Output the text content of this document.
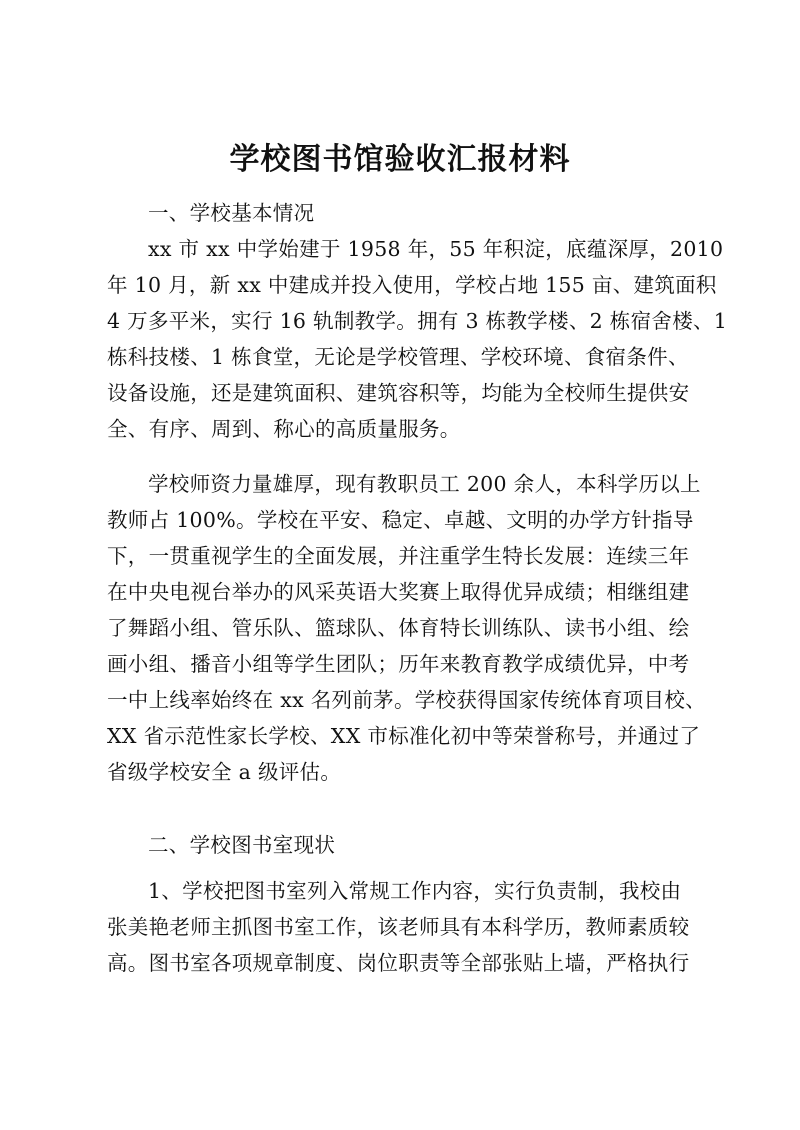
学校图书馆验收汇报材料
一、学校基本情况
xx 市 xx 中学始建于 1958 年，55 年积淀，底蕴深厚，2010
年 10 月，新 xx 中建成并投入使用，学校占地 155 亩、建筑面积
4 万多平米，实行 16 轨制教学。拥有 3 栋教学楼、2 栋宿舍楼、1
栋科技楼、1 栋食堂，无论是学校管理、学校环境、食宿条件、
设备设施，还是建筑面积、建筑容积等，均能为全校师生提供安
全、有序、周到、称心的高质量服务。
学校师资力量雄厚，现有教职员工 200 余人，本科学历以上
教师占 100%。学校在平安、稳定、卓越、文明的办学方针指导
下，一贯重视学生的全面发展，并注重学生特长发展：连续三年
在中央电视台举办的风采英语大奖赛上取得优异成绩；相继组建
了舞蹈小组、管乐队、篮球队、体育特长训练队、读书小组、绘
画小组、播音小组等学生团队；历年来教育教学成绩优异，中考
一中上线率始终在 xx 名列前茅。学校获得国家传统体育项目校、
XX 省示范性家长学校、XX 市标准化初中等荣誉称号，并通过了
省级学校安全 a 级评估。
二、学校图书室现状
1、学校把图书室列入常规工作内容，实行负责制，我校由
张美艳老师主抓图书室工作，该老师具有本科学历，教师素质较
高。图书室各项规章制度、岗位职责等全部张贴上墙，严格执行
